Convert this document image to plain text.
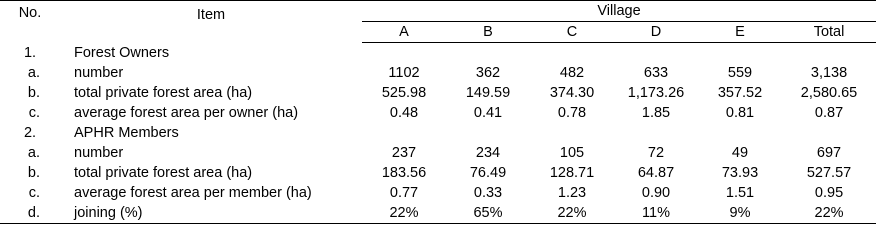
No.	Item	Village					
		A	B	C	D	E	Total
1.	Forest Owners						
a.	number	1102	362	482	633	559	3,138
b.	total private forest area (ha)	525.98	149.59	374.30	1,173.26	357.52	2,580.65
c.	average forest area per owner (ha)	0.48	0.41	0.78	1.85	0.81	0.87
2.	APHR Members						
a.	number	237	234	105	72	49	697
b.	total private forest area (ha)	183.56	76.49	128.71	64.87	73.93	527.57
c.	average forest area per member (ha)	0.77	0.33	1.23	0.90	1.51	0.95
d.	joining (%)	22%	65%	22%	11%	9%	22%
